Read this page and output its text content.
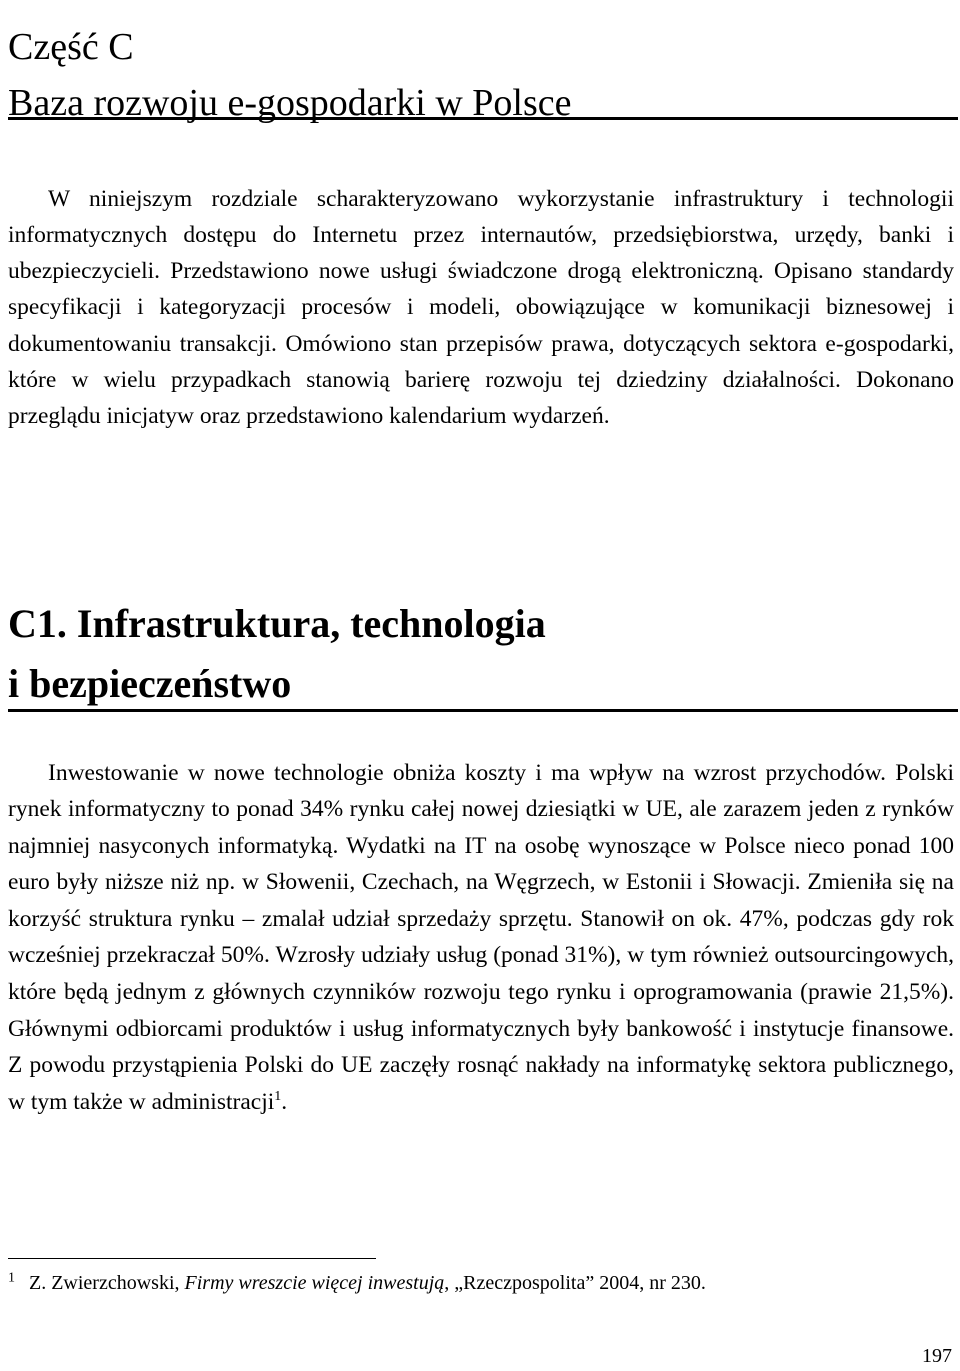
Część C
Baza rozwoju e-gospodarki w Polsce

W niniejszym rozdziale scharakteryzowano wykorzystanie infrastruktury i technologii informatycznych dostępu do Internetu przez internautów, przedsiębiorstwa, urzędy, banki i ubezpieczycieli. Przedstawiono nowe usługi świadczone drogą elektroniczną. Opisano standardy specyfikacji i kategoryzacji procesów i modeli, obowiązujące w komunikacji biznesowej i dokumentowaniu transakcji. Omówiono stan przepisów prawa, dotyczących sektora e-gospodarki, które w wielu przypadkach stanowią barierę rozwoju tej dziedziny działalności. Dokonano przeglądu inicjatyw oraz przedstawiono kalendarium wydarzeń.

C1. Infrastruktura, technologia
i bezpieczeństwo

Inwestowanie w nowe technologie obniża koszty i ma wpływ na wzrost przychodów. Polski rynek informatyczny to ponad 34% rynku całej nowej dziesiątki w UE, ale zarazem jeden z rynków najmniej nasyconych informatyką. Wydatki na IT na osobę wynoszące w Polsce nieco ponad 100 euro były niższe niż np. w Słowenii, Czechach, na Węgrzech, w Estonii i Słowacji. Zmieniła się na korzyść struktura rynku – zmalał udział sprzedaży sprzętu. Stanowił on ok. 47%, podczas gdy rok wcześniej przekraczał 50%. Wzrosły udziały usług (ponad 31%), w tym również outsourcingowych, które będą jednym z głównych czynników rozwoju tego rynku i oprogramowania (prawie 21,5%). Głównymi odbiorcami produktów i usług informatycznych były bankowość i instytucje finansowe. Z powodu przystąpienia Polski do UE zaczęły rosnąć nakłady na informatykę sektora publicznego, w tym także w administracji$^1$.

$^1$ Z. Zwierzchowski, Firmy wreszcie więcej inwestują, „Rzeczpospolita” 2004, nr 230.
197
